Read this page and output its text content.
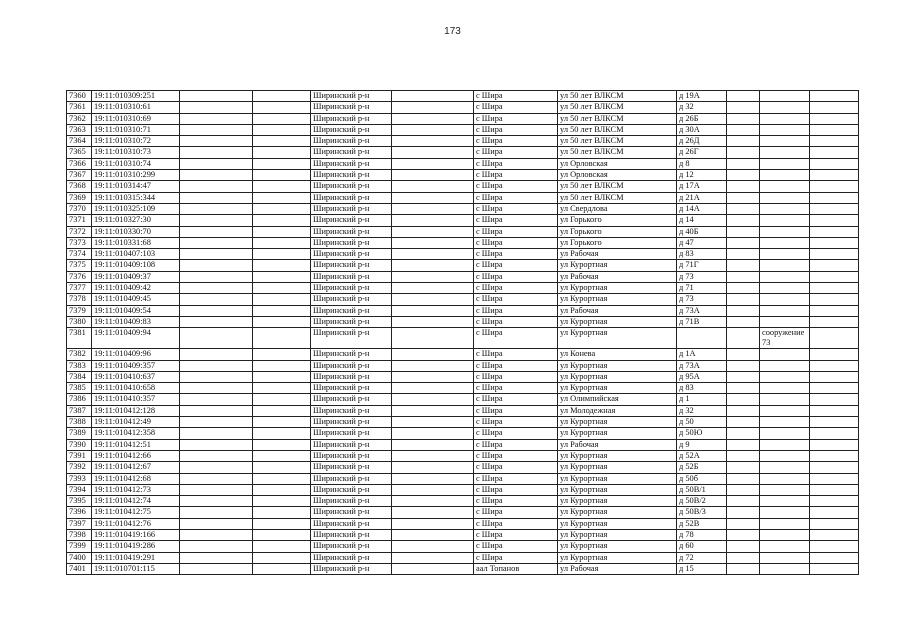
173
7360	19:11:010309:251			Ширинский р-н		с Шира	ул 50 лет ВЛКСМ	д 19А			
7361	19:11:010310:61			Ширинский р-н		с Шира	ул 50 лет ВЛКСМ	д 32			
7362	19:11:010310:69			Ширинский р-н		с Шира	ул 50 лет ВЛКСМ	д 26Б			
7363	19:11:010310:71			Ширинский р-н		с Шира	ул 50 лет ВЛКСМ	д 30А			
7364	19:11:010310:72			Ширинский р-н		с Шира	ул 50 лет ВЛКСМ	д 26Д			
7365	19:11:010310:73			Ширинский р-н		с Шира	ул 50 лет ВЛКСМ	д 26Г			
7366	19:11:010310:74			Ширинский р-н		с Шира	ул Орловская	д 8			
7367	19:11:010310:299			Ширинский р-н		с Шира	ул Орловская	д 12			
7368	19:11:010314:47			Ширинский р-н		с Шира	ул 50 лет ВЛКСМ	д 17А			
7369	19:11:010315:344			Ширинский р-н		с Шира	ул 50 лет ВЛКСМ	д 21А			
7370	19:11:010325:109			Ширинский р-н		с Шира	ул Свердлова	д 14А			
7371	19:11:010327:30			Ширинский р-н		с Шира	ул Горького	д 14			
7372	19:11:010330:70			Ширинский р-н		с Шира	ул Горького	д 40Б			
7373	19:11:010331:68			Ширинский р-н		с Шира	ул Горького	д 47			
7374	19:11:010407:103			Ширинский р-н		с Шира	ул Рабочая	д 83			
7375	19:11:010409:108			Ширинский р-н		с Шира	ул Курортная	д 71Г			
7376	19:11:010409:37			Ширинский р-н		с Шира	ул Рабочая	д 73			
7377	19:11:010409:42			Ширинский р-н		с Шира	ул Курортная	д 71			
7378	19:11:010409:45			Ширинский р-н		с Шира	ул Курортная	д 73			
7379	19:11:010409:54			Ширинский р-н		с Шира	ул Рабочая	д 73А			
7380	19:11:010409:83			Ширинский р-н		с Шира	ул Курортная	д 71В			
7381	19:11:010409:94			Ширинский р-н		с Шира	ул Курортная			сооружение 73	
7382	19:11:010409:96			Ширинский р-н		с Шира	ул Конева	д 1А			
7383	19:11:010409:357			Ширинский р-н		с Шира	ул Курортная	д 73А			
7384	19:11:010410:637			Ширинский р-н		с Шира	ул Курортная	д 95А			
7385	19:11:010410:658			Ширинский р-н		с Шира	ул Курортная	д 83			
7386	19:11:010410:357			Ширинский р-н		с Шира	ул Олимпийская	д 1			
7387	19:11:010412:128			Ширинский р-н		с Шира	ул Молодежная	д 32			
7388	19:11:010412:49			Ширинский р-н		с Шира	ул Курортная	д 50			
7389	19:11:010412:358			Ширинский р-н		с Шира	ул Курортная	д 50Ю			
7390	19:11:010412:51			Ширинский р-н		с Шира	ул Рабочая	д 9			
7391	19:11:010412:66			Ширинский р-н		с Шира	ул Курортная	д 52А			
7392	19:11:010412:67			Ширинский р-н		с Шира	ул Курортная	д 52Б			
7393	19:11:010412:68			Ширинский р-н		с Шира	ул Курортная	д 50б			
7394	19:11:010412:73			Ширинский р-н		с Шира	ул Курортная	д 50В/1			
7395	19:11:010412:74			Ширинский р-н		с Шира	ул Курортная	д 50В/2			
7396	19:11:010412:75			Ширинский р-н		с Шира	ул Курортная	д 50В/3			
7397	19:11:010412:76			Ширинский р-н		с Шира	ул Курортная	д 52В			
7398	19:11:010419:166			Ширинский р-н		с Шира	ул Курортная	д 78			
7399	19:11:010419:286			Ширинский р-н		с Шира	ул Курортная	д 60			
7400	19:11:010419:291			Ширинский р-н		с Шира	ул Курортная	д 72			
7401	19:11:010701:115			Ширинский р-н		аал Топанов	ул Рабочая	д 15			
